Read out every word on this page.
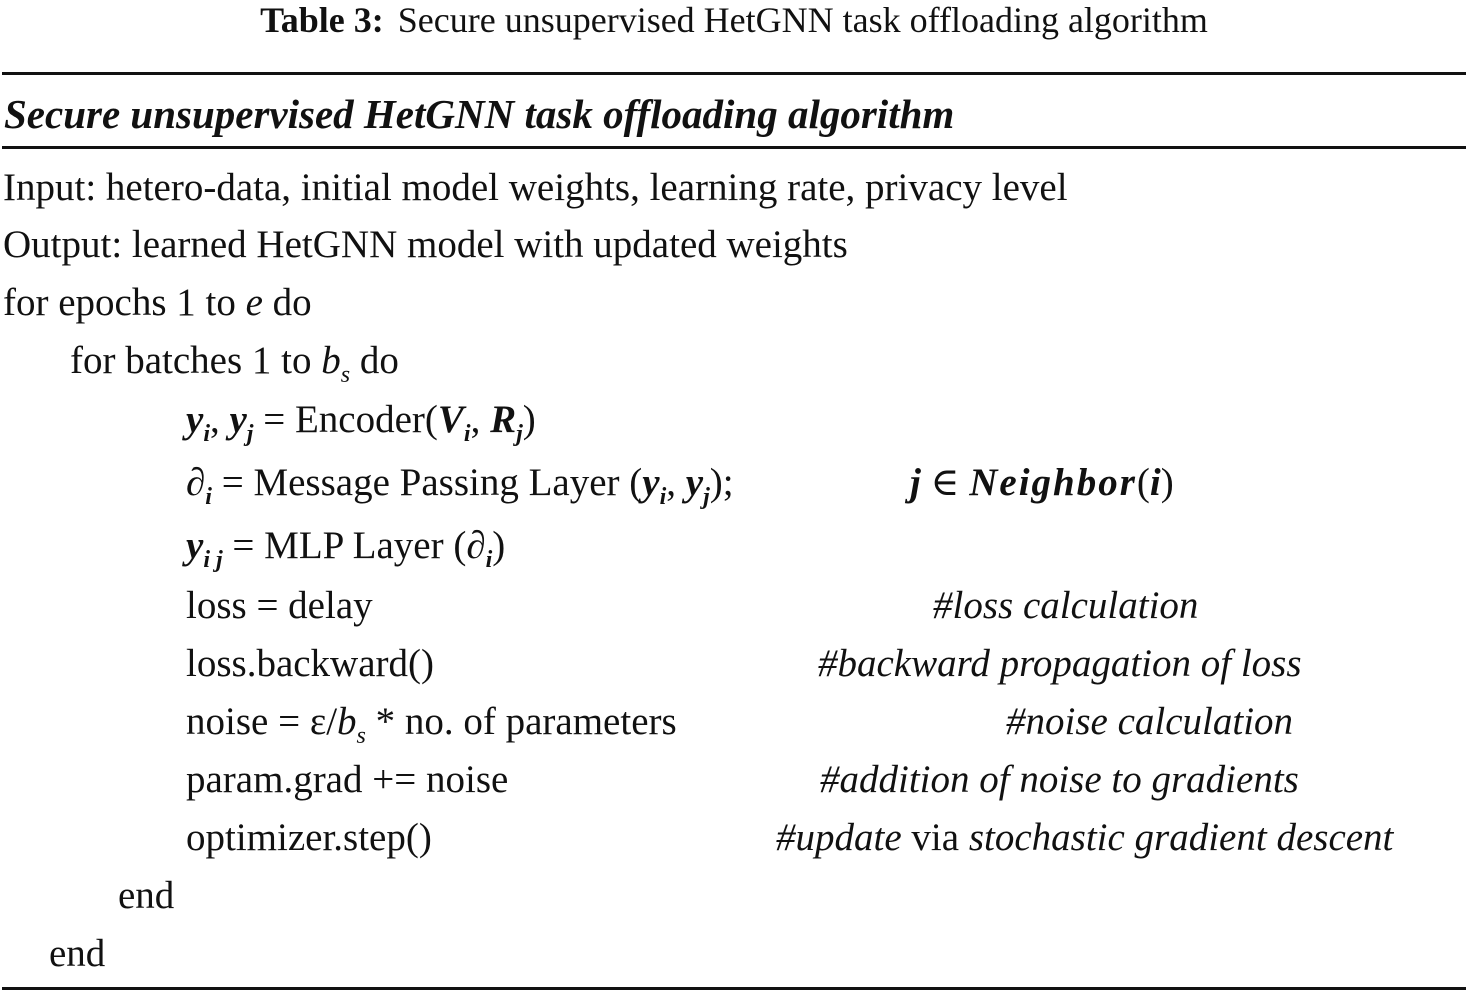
Table 3: Secure unsupervised HetGNN task offloading algorithm
Secure unsupervised HetGNN task offloading algorithm
Input: hetero-data, initial model weights, learning rate, privacy level
Output: learned HetGNN model with updated weights
for epochs 1 to e do
for batches 1 to $b_s$ do
$y_i$, $y_j$ = $Encoder(V_i$, $R_j$)
$\partial_i$ = Message Passing Layer ($y_i$, $y_j$);	j ∈ Neighbor(i)
$y_{i j}$ = MLP Layer $(\partial_i)$
loss = delay	#loss calculation
loss.backward()	#backward propagation of loss
noise = $\varepsilon/b_s$ * no. of parameters	#noise calculation
param.grad += noise	#addition of noise to gradients
optimizer.step()	#update via stochastic gradient descent
end
end
